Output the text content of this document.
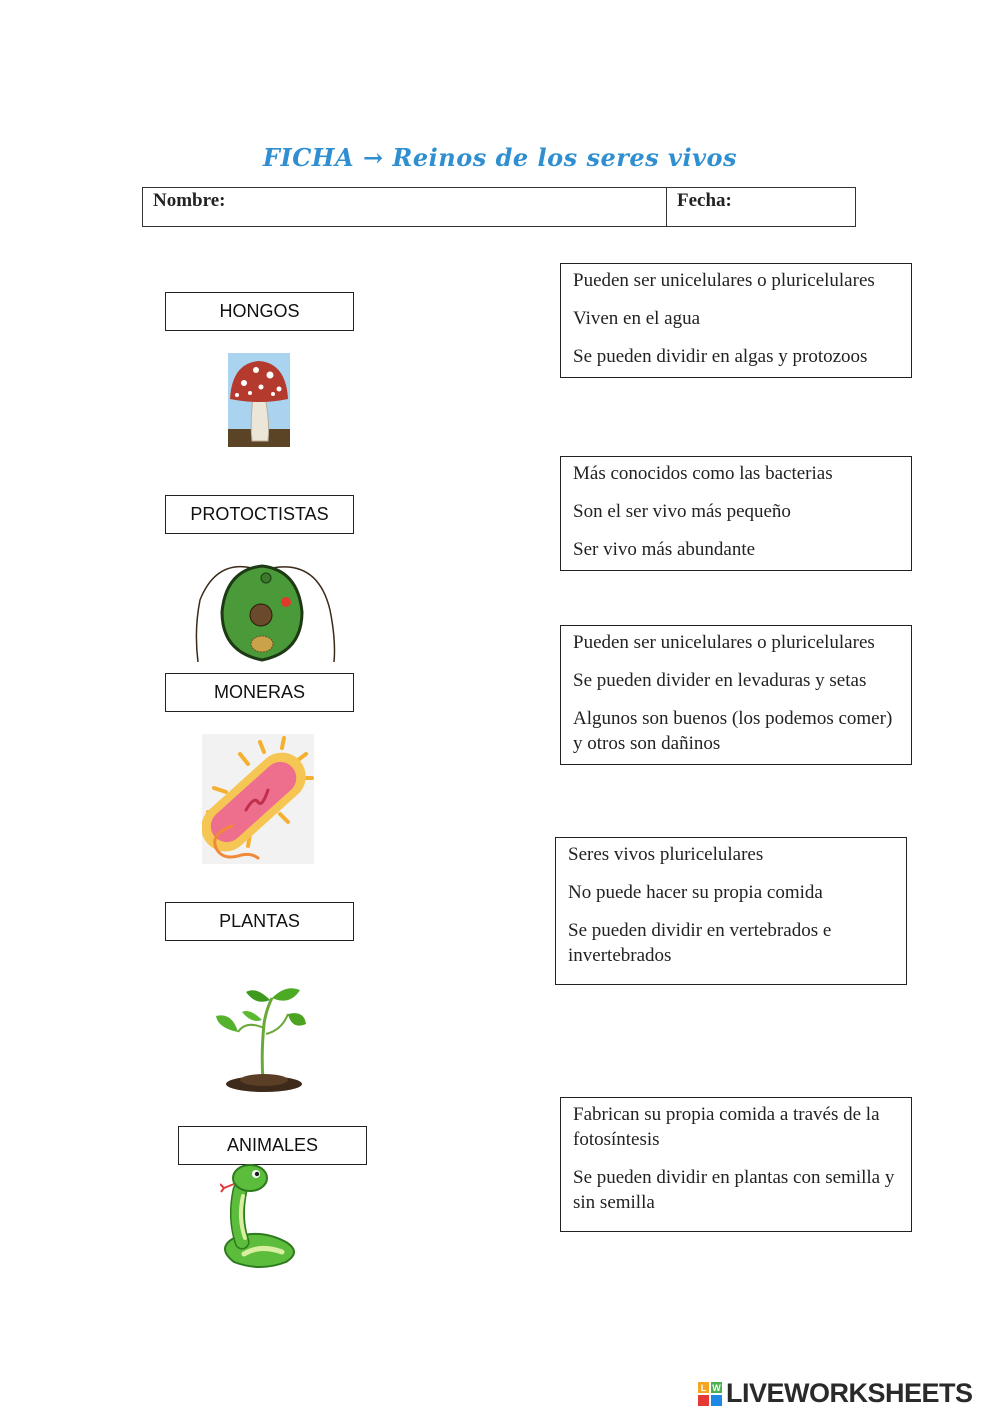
FICHA → Reinos de los seres vivos
Nombre:	Fecha:
HONGOS
PROTOCTISTAS
MONERAS
PLANTAS
ANIMALES
Pueden ser unicelulares o pluricelulares
Viven en el agua
Se pueden dividir en algas y protozoos
Más conocidos como las bacterias
Son el ser vivo más pequeño
Ser vivo más abundante
Pueden ser unicelulares o pluricelulares
Se pueden divider en levaduras y setas
Algunos son buenos (los podemos comer) y otros son dañinos
Seres vivos pluricelulares
No puede hacer su propia comida
Se pueden dividir en vertebrados e invertebrados
Fabrican su propia comida a través de la fotosíntesis
Se pueden dividir en plantas con semilla y sin semilla
L W LIVEWORKSHEETS
